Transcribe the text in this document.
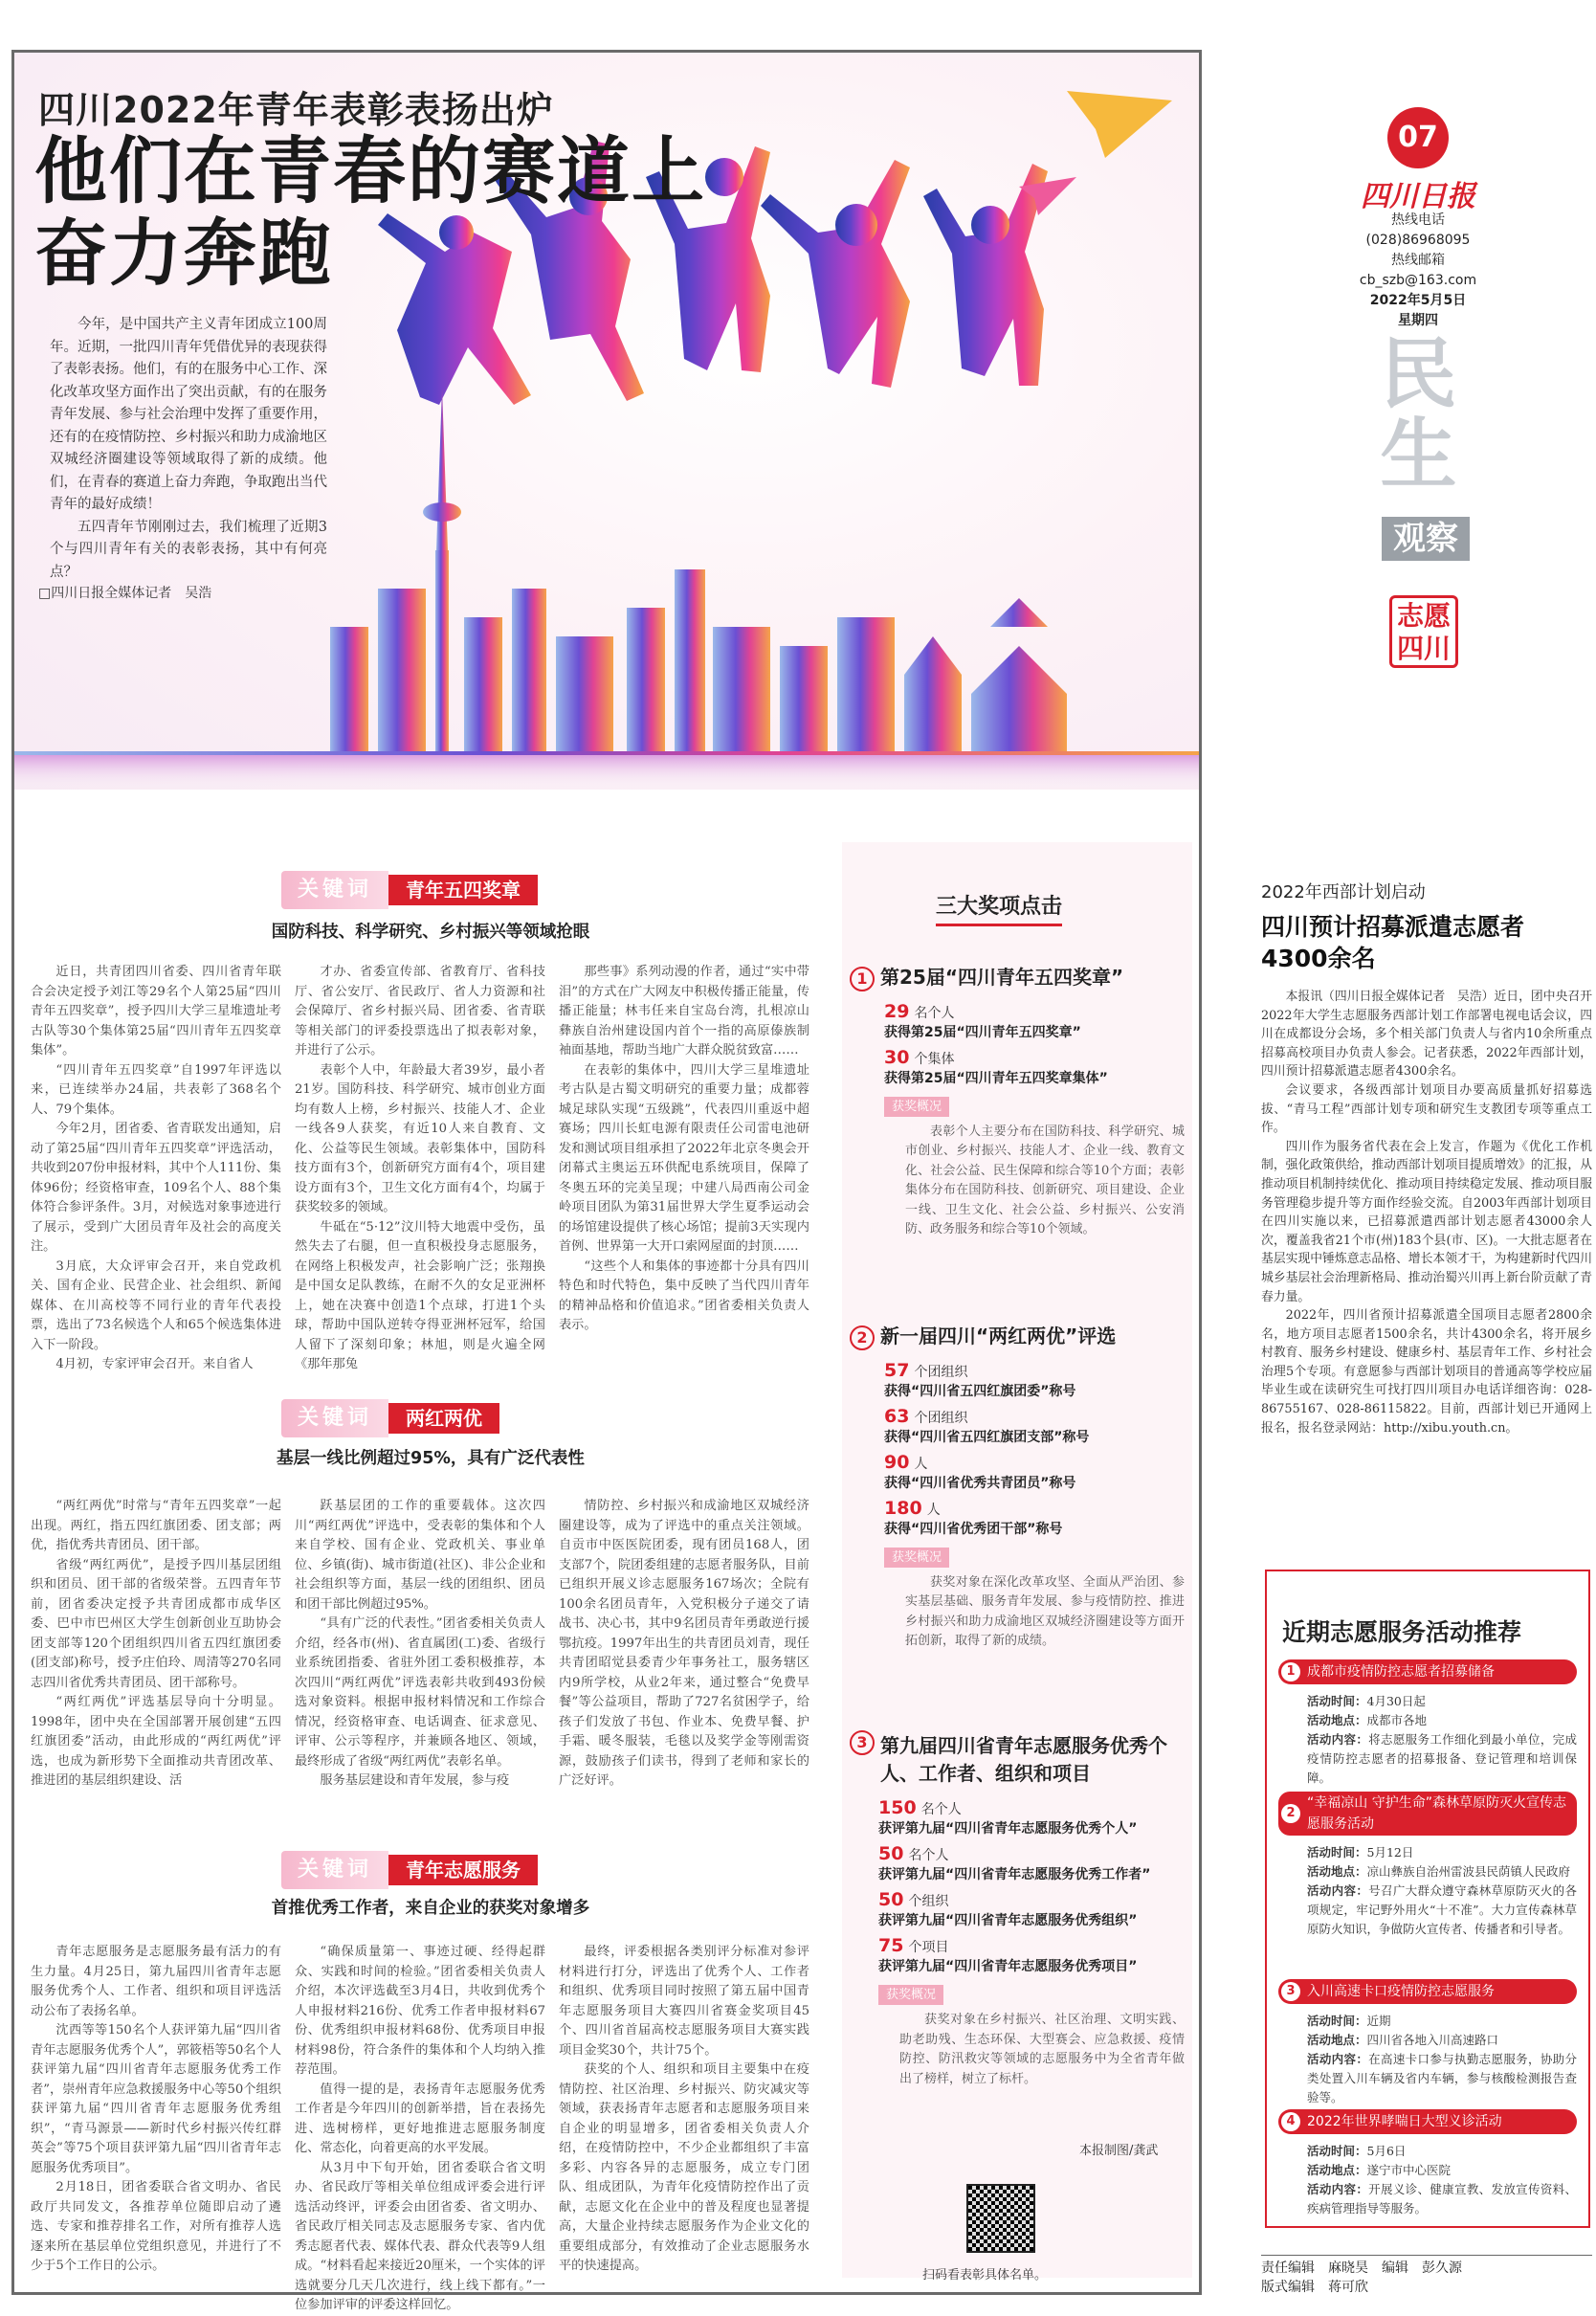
07
四川日报
热线电话
(028)86968095
热线邮箱
cb_szb@163.com
2022年5月5日
星期四
民生
观察
志愿
四川
四川2022年青年表彰表扬出炉
他们在青春的赛道上
奋力奔跑

今年，是中国共产主义青年团成立100周年。近期，一批四川青年凭借优异的表现获得了表彰表扬。他们，有的在服务中心工作、深化改革攻坚方面作出了突出贡献，有的在服务青年发展、参与社会治理中发挥了重要作用，还有的在疫情防控、乡村振兴和助力成渝地区双城经济圈建设等领域取得了新的成绩。他们，在青春的赛道上奋力奔跑，争取跑出当代青年的最好成绩！

五四青年节刚刚过去，我们梳理了近期3个与四川青年有关的表彰表扬，其中有何亮点？

□四川日报全媒体记者　吴浩
关键词 青年五四奖章
国防科技、科学研究、乡村振兴等领域抢眼

近日，共青团四川省委、四川省青年联合会决定授予刘江等29名个人第25届“四川青年五四奖章”，授予四川大学三星堆遗址考古队等30个集体第25届“四川青年五四奖章集体”。

“四川青年五四奖章”自1997年评选以来，已连续举办24届，共表彰了368名个人、79个集体。

今年2月，团省委、省青联发出通知，启动了第25届“四川青年五四奖章”评选活动，共收到207份申报材料，其中个人111份、集体96份；经资格审查，109名个人、88个集体符合参评条件。3月，对候选对象事迹进行了展示，受到广大团员青年及社会的高度关注。

3月底，大众评审会召开，来自党政机关、国有企业、民营企业、社会组织、新闻媒体、在川高校等不同行业的青年代表投票，选出了73名候选个人和65个候选集体进入下一阶段。

4月初，专家评审会召开。来自省人

才办、省委宣传部、省教育厅、省科技厅、省公安厅、省民政厅、省人力资源和社会保障厅、省乡村振兴局、团省委、省青联等相关部门的评委投票选出了拟表彰对象，并进行了公示。

表彰个人中，年龄最大者39岁，最小者21岁。国防科技、科学研究、城市创业方面均有数人上榜，乡村振兴、技能人才、企业一线各9人获奖，有近10人来自教育、文化、公益等民生领域。表彰集体中，国防科技方面有3个，创新研究方面有4个，项目建设方面有3个，卫生文化方面有4个，均属于获奖较多的领域。

牛砥在“5·12”汶川特大地震中受伤，虽然失去了右腿，但一直积极投身志愿服务，在网络上积极发声，社会影响广泛；张翔换是中国女足队教练，在耐不久的女足亚洲杯上，她在决赛中创造1个点球，打进1个头球，帮助中国队逆转夺得亚洲杯冠军，给国人留下了深刻印象；林旭，则是火遍全网《那年那兔

那些事》系列动漫的作者，通过“实中带泪”的方式在广大网友中积极传播正能量，传播正能量；林韦任来自宝岛台湾，扎根凉山彝族自治州建设国内首个一指的高原傣族制袖面基地，帮助当地广大群众脱贫致富……

在表彰的集体中，四川大学三星堆遗址考古队是古蜀文明研究的重要力量；成都蓉城足球队实现“五级跳”，代表四川重返中超赛场；四川长虹电源有限责任公司雷电池研发和测试项目组承担了2022年北京冬奥会开闭幕式主奥运五环供配电系统项目，保障了冬奥五环的完美呈现；中建八局西南公司金岭项目团队为第31届世界大学生夏季运动会的场馆建设提供了核心场馆；提前3天实现内首例、世界第一大开口索网屋面的封顶……

“这些个人和集体的事迹都十分具有四川特色和时代特色，集中反映了当代四川青年的精神品格和价值追求。”团省委相关负责人表示。

关键词 两红两优
基层一线比例超过95%，具有广泛代表性

“两红两优”时常与“青年五四奖章”一起出现。两红，指五四红旗团委、团支部；两优，指优秀共青团员、团干部。

省级“两红两优”，是授予四川基层团组织和团员、团干部的省级荣誉。五四青年节前，团省委决定授予共青团成都市成华区委、巴中市巴州区大学生创新创业互助协会团支部等120个团组织四川省五四红旗团委(团支部)称号，授予庄伯玲、周清等270名同志四川省优秀共青团员、团干部称号。

“两红两优”评选基层导向十分明显。1998年，团中央在全国部署开展创建“五四红旗团委”活动，由此形成的“两红两优”评选，也成为新形势下全面推动共青团改革、推进团的基层组织建设、活

跃基层团的工作的重要载体。这次四川“两红两优”评选中，受表彰的集体和个人来自学校、国有企业、党政机关、事业单位、乡镇(街)、城市街道(社区)、非公企业和社会组织等方面，基层一线的团组织、团员和团干部比例超过95%。

“具有广泛的代表性。”团省委相关负责人介绍，经各市(州)、省直属团(工)委、省级行业系统团指委、省驻外团工委积极推荐，本次四川“两红两优”评选表彰共收到493份候选对象资料。根据申报材料情况和工作综合情况，经资格审查、电话调查、征求意见、评审、公示等程序，并兼顾各地区、领域，最终形成了省级“两红两优”表彰名单。

服务基层建设和青年发展，参与疫

情防控、乡村振兴和成渝地区双城经济圈建设等，成为了评选中的重点关注领域。自贡市中医医院团委，现有团员168人，团支部7个，院团委组建的志愿者服务队，目前已组织开展义诊志愿服务167场次；全院有100余名团员青年，入党积极分子递交了请战书、决心书，其中9名团员青年勇敢逆行援鄂抗疫。1997年出生的共青团员刘青，现任共青团昭觉县委青少年事务社工，服务辖区内9所学校，从业2年来，通过整合“免费早餐”等公益项目，帮助了727名贫困学子，给孩子们发放了书包、作业本、免费早餐、护手霜、暖冬服装，毛毯以及奖学金等刚需资源，鼓励孩子们读书，得到了老师和家长的广泛好评。

关键词 青年志愿服务
首推优秀工作者，来自企业的获奖对象增多

青年志愿服务是志愿服务最有活力的有生力量。4月25日，第九届四川省青年志愿服务优秀个人、工作者、组织和项目评选活动公布了表扬名单。

沈西等等150名个人获评第九届“四川省青年志愿服务优秀个人”，郭筱梧等50名个人获评第九届“四川省青年志愿服务优秀工作者”，崇州青年应急救援服务中心等50个组织获评第九届“四川省青年志愿服务优秀组织”，“青马源景——新时代乡村振兴传红群英会”等75个项目获评第九届“四川省青年志愿服务优秀项目”。

2月18日，团省委联合省文明办、省民政厅共同发文，各推荐单位随即启动了遴选、专家和推荐排名工作，对所有推荐人选逐来所在基层单位党组织意见，并进行了不少于5个工作日的公示。

“确保质量第一、事迹过硬、经得起群众、实践和时间的检验。”团省委相关负责人介绍，本次评选截至3月4日，共收到优秀个人申报材料216份、优秀工作者申报材料67份、优秀组织申报材料68份、优秀项目申报材料98份，符合条件的集体和个人均纳入推荐范围。

值得一提的是，表扬青年志愿服务优秀工作者是今年四川的创新举措，旨在表扬先进、选树榜样，更好地推进志愿服务制度化、常态化，向着更高的水平发展。

从3月中下旬开始，团省委联合省文明办、省民政厅等相关单位组成评委会进行评选活动终评，评委会由团省委、省文明办、省民政厅相关同志及志愿服务专家、省内优秀志愿者代表、媒体代表、群众代表等9人组成。“材料看起来接近20厘米，一个实体的评选就要分几天几次进行，线上线下都有。”一位参加评审的评委这样回忆。

最终，评委根据各类别评分标准对参评材料进行打分，评选出了优秀个人、工作者和组织、优秀项目同时按照了第五届中国青年志愿服务项目大赛四川省赛金奖项目45个、四川省首届高校志愿服务项目大赛实践项目金奖30个，共计75个。

获奖的个人、组织和项目主要集中在疫情防控、社区治理、乡村振兴、防灾减灾等领域，获表扬青年志愿者和志愿服务项目来自企业的明显增多，团省委相关负责人介绍，在疫情防控中，不少企业都组织了丰富多彩、内容各异的志愿服务，成立专门团队、组成团队，为青年化疫情防控作出了贡献，志愿文化在企业中的普及程度也显著提高，大量企业持续志愿服务作为企业文化的重要组成部分，有效推动了企业志愿服务水平的快速提高。

三大奖项点击
1 第25届“四川青年五四奖章”
29 名个人
获得第25届“四川青年五四奖章”
30 个集体
获得第25届“四川青年五四奖章集体”
获奖概况

表彰个人主要分布在国防科技、科学研究、城市创业、乡村振兴、技能人才、企业一线、教育文化、社会公益、民生保障和综合等10个方面；表彰集体分布在国防科技、创新研究、项目建设、企业一线、卫生文化、社会公益、乡村振兴、公安消防、政务服务和综合等10个领域。

2 新一届四川“两红两优”评选
57 个团组织
获得“四川省五四红旗团委”称号
63 个团组织
获得“四川省五四红旗团支部”称号
90 人
获得“四川省优秀共青团员”称号
180 人
获得“四川省优秀团干部”称号
获奖概况

获奖对象在深化改革攻坚、全面从严治团、参实基层基础、服务青年发展、参与疫情防控、推进乡村振兴和助力成渝地区双城经济圈建设等方面开拓创新，取得了新的成绩。

3 第九届四川省青年志愿服务优秀个人、工作者、组织和项目
150 名个人
获评第九届“四川省青年志愿服务优秀个人”
50 名个人
获评第九届“四川省青年志愿服务优秀工作者”
50 个组织
获评第九届“四川省青年志愿服务优秀组织”
75 个项目
获评第九届“四川省青年志愿服务优秀项目”
获奖概况

获奖对象在乡村振兴、社区治理、文明实践、助老助残、生态环保、大型赛会、应急救援、疫情防控、防汛救灾等领域的志愿服务中为全省青年做出了榜样，树立了标杆。

本报制图/龚武
扫码看表彰具体名单。
2022年西部计划启动
四川预计招募派遣志愿者
4300余名

本报讯（四川日报全媒体记者　吴浩）近日，团中央召开2022年大学生志愿服务西部计划工作部署电视电话会议，四川在成都设分会场，多个相关部门负责人与省内10余所重点招募高校项目办负责人参会。记者获悉，2022年西部计划，四川预计招募派遣志愿者4300余名。

会议要求，各级西部计划项目办要高质量抓好招募选拔、“青马工程”西部计划专项和研究生支教团专项等重点工作。

四川作为服务省代表在会上发言，作题为《优化工作机制，强化政策供给，推动西部计划项目提质增效》的汇报，从推动项目机制持续优化、推动项目持续稳定发展、推动项目服务管理稳步提升等方面作经验交流。自2003年西部计划项目在四川实施以来，已招募派遣西部计划志愿者43000余人次，覆盖我省21个市(州)183个县(市、区)。一大批志愿者在基层实现中锤炼意志品格、增长本领才干，为构建新时代四川城乡基层社会治理新格局、推动治蜀兴川再上新台阶贡献了青春力量。

2022年，四川省预计招募派遣全国项目志愿者2800余名，地方项目志愿者1500余名，共计4300余名，将开展乡村教育、服务乡村建设、健康乡村、基层青年工作、乡村社会治理5个专项。有意愿参与西部计划项目的普通高等学校应届毕业生或在读研究生可找打四川项目办电话详细咨询：028-86755167、028-86115822。目前，西部计划已开通网上报名，报名登录网站：http://xibu.youth.cn。

近期志愿服务活动推荐
1 成都市疫情防控志愿者招募储备
活动时间：4月30日起
活动地点：成都市各地
活动内容：将志愿服务工作细化到最小单位，完成疫情防控志愿者的招募报备、登记管理和培训保障。
2
“幸福凉山 守护生命”森林草原防灭火宣传志愿服务活动
活动时间：5月12日
活动地点：凉山彝族自治州雷波县民荫镇人民政府
活动内容：号召广大群众遵守森林草原防灭火的各项规定，牢记野外用火“十不准”。大力宣传森林草原防火知识，争做防火宣传者、传播者和引导者。
3 入川高速卡口疫情防控志愿服务
活动时间：近期
活动地点：四川省各地入川高速路口
活动内容：在高速卡口参与执勤志愿服务，协助分类处置入川车辆及省内车辆，参与核酸检测报告查验等。
4 2022年世界哮喘日大型义诊活动
活动时间：5月6日
活动地点：遂宁市中心医院
活动内容：开展义诊、健康宣教、发放宣传资料、疾病管理指导等服务。
责任编辑　麻晓昊　编辑　彭久源
版式编辑　蒋可欣
